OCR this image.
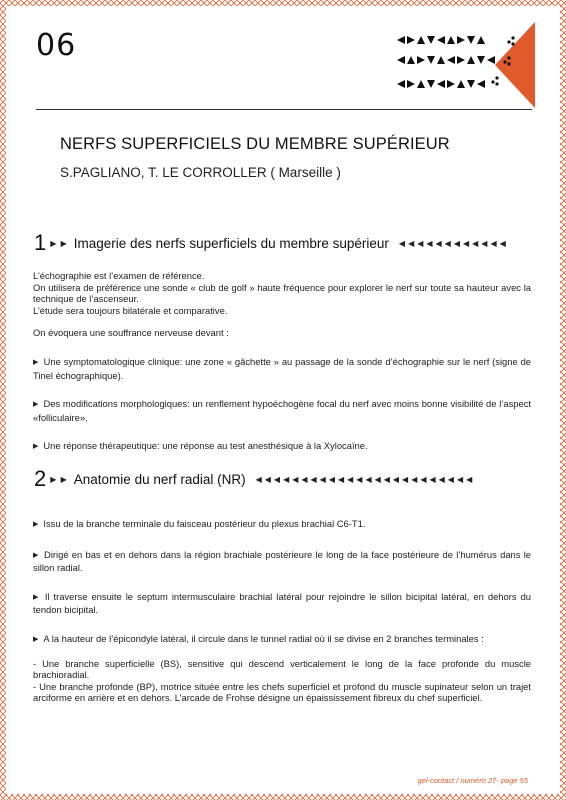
06
NERFS SUPERFICIELS DU MEMBRE SUPÉRIEUR
S.PAGLIANO, T. LE CORROLLER ( Marseille )
1 ▶ ▶ Imagerie des nerfs superficiels du membre supérieur ◀◀◀◀◀◀◀◀◀◀◀◀

L’échographie est l’examen de référence.

On utilisera de préférence une sonde « club de golf » haute fréquence pour explorer le nerf sur toute sa hauteur avec la technique de l’ascenseur.

L’étude sera toujours bilatérale et comparative.

On évoquera une souffrance nerveuse devant :

▶ Une symptomatologique clinique: une zone « gâchette » au passage de la sonde d’échographie sur le nerf (signe de Tinel échographique).

▶ Des modifications morphologiques: un renflement hypoéchogène focal du nerf avec moins bonne visibilité de l’aspect «folliculaire».

▶ Une réponse thérapeutique: une réponse au test anesthésique à la Xylocaïne.

2 ▶ ▶ Anatomie du nerf radial (NR) ◀◀◀◀◀◀◀◀◀◀◀◀◀◀◀◀◀◀◀◀◀◀◀◀

▶ Issu de la branche terminale du faisceau postérieur du plexus brachial C6-T1.

▶ Dirigé en bas et en dehors dans la région brachiale postérieure le long de la face postérieure de l’humérus dans le sillon radial.

▶ Il traverse ensuite le septum intermusculaire brachial latéral pour rejoindre le sillon bicipital latéral, en dehors du tendon bicipital.

▶ A la hauteur de l’épicondyle latéral, il circule dans le tunnel radial où il se divise en 2 branches terminales :

- Une branche superficielle (BS), sensitive qui descend verticalement le long de la face profonde du muscle brachioradial.

- Une branche profonde (BP), motrice située entre les chefs superficiel et profond du muscle supinateur selon un trajet arciforme en arrière et en dehors. L’arcade de Frohse désigne un épaississement fibreux du chef superficiel.

gel-contact / numéro 27- page 55
